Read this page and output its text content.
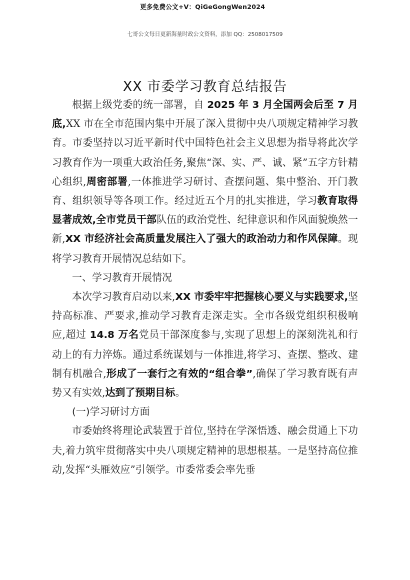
更多免费公文+V：QiGeGongWen2024
七哥公文每日更新海量时政公文资料，添加 QQ：2508017509
XX 市委学习教育总结报告

根据上级党委的统一部署，自 2025 年 3 月全国两会后至 7 月底,XX 市在全市范围内集中开展了深入贯彻中央八项规定精神学习教育。市委坚持以习近平新时代中国特色社会主义思想为指导将此次学习教育作为一项重大政治任务,聚焦“深、实、严、诚、紧”五字方针精心组织,周密部署,一体推进学习研讨、查摆问题、集中整治、开门教育、组织领导等各项工作。经过近五个月的扎实推进，学习教育取得显著成效,全市党员干部队伍的政治党性、纪律意识和作风面貌焕然一新,XX 市经济社会高质量发展注入了强大的政治动力和作风保障。现将学习教育开展情况总结如下。

一、学习教育开展情况

本次学习教育启动以来,XX 市委牢牢把握核心要义与实践要求,坚持高标准、严要求,推动学习教育走深走实。全市各级党组织积极响应,超过 14.8 万名党员干部深度参与,实现了思想上的深刻洗礼和行动上的有力淬炼。通过系统谋划与一体推进,将学习、查摆、整改、建制有机融合,形成了一套行之有效的“组合拳”,确保了学习教育既有声势又有实效,达到了预期目标。

(一)学习研讨方面

市委始终将理论武装置于首位,坚持在学深悟透、融会贯通上下功夫,着力筑牢贯彻落实中央八项规定精神的思想根基。一是坚持高位推动,发挥“头雁效应”引领学。市委常委会率先垂
